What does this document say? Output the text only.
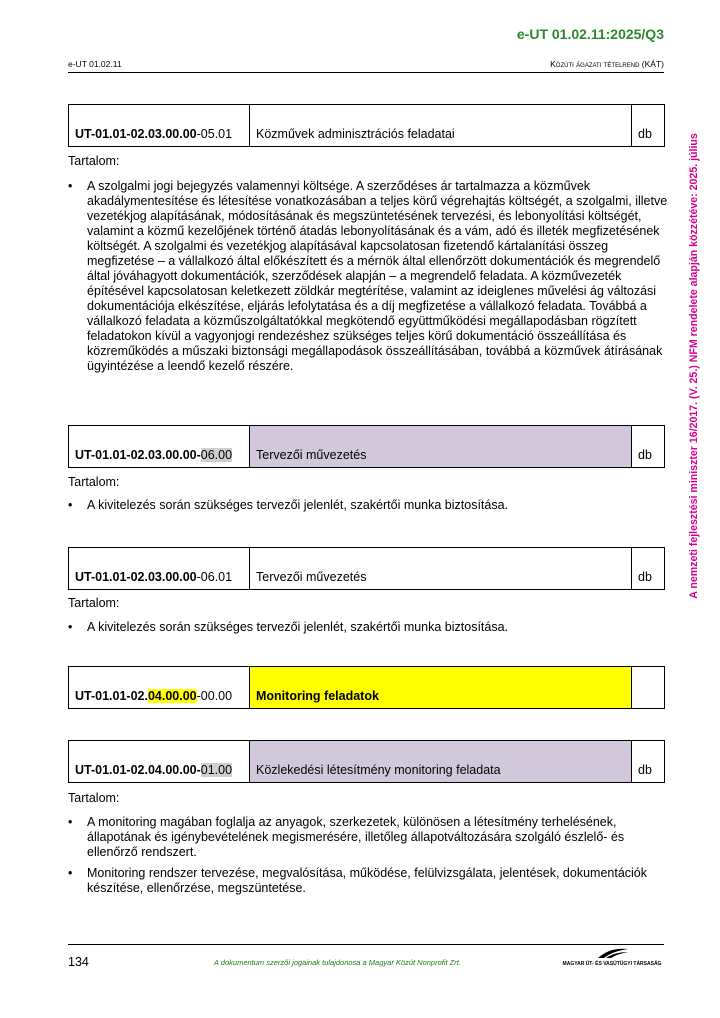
e-UT 01.02.11:2025/Q3
e-UT 01.02.11	Közúti ágazati tételrend (KÁT)
A nemzeti fejlesztési miniszter 16/2017. (V. 25.) NFM rendelete alapján közzétéve: 2025. július
UT-01.01-02.03.00.00-05.01	Közművek adminisztrációs feladatai	db
Tartalom:
• A szolgalmi jogi bejegyzés valamennyi költsége. A szerződéses ár tartalmazza a közművek akadálymentesítése és létesítése vonatkozásában a teljes körű végrehajtás költségét, a szolgalmi, illetve vezetékjog alapításának, módosításának és megszüntetésének tervezési, és lebonyolítási költségét, valamint a közmű kezelőjének történő átadás lebonyolításának és a vám, adó és illeték megfizetésének költségét. A szolgalmi és vezetékjog alapításával kapcsolatosan fizetendő kártalanítási összeg megfizetése – a vállalkozó által előkészített és a mérnök által ellenőrzött dokumentációk és megrendelő által jóváhagyott dokumentációk, szerződések alapján – a megrendelő feladata. A közművezeték építésével kapcsolatosan keletkezett zöldkár megtérítése, valamint az ideiglenes művelési ág változási dokumentációja elkészítése, eljárás lefolytatása és a díj megfizetése a vállalkozó feladata. Továbbá a vállalkozó feladata a közműszolgáltatókkal megkötendő együttműködési megállapodásban rögzített feladatokon kívül a vagyonjogi rendezéshez szükséges teljes körű dokumentáció összeállítása és közreműködés a műszaki biztonsági megállapodások összeállításában, továbbá a közművek átírásának ügyintézése a leendő kezelő részére.
UT-01.01-02.03.00.00-06.00	Tervezői művezetés	db
Tartalom:
• A kivitelezés során szükséges tervezői jelenlét, szakértői munka biztosítása.
UT-01.01-02.03.00.00-06.01	Tervezői művezetés	db
Tartalom:
• A kivitelezés során szükséges tervezői jelenlét, szakértői munka biztosítása.
UT-01.01-02.04.00.00-00.00	Monitoring feladatok	
UT-01.01-02.04.00.00-01.00	Közlekedési létesítmény monitoring feladata	db
Tartalom:
• A monitoring magában foglalja az anyagok, szerkezetek, különösen a létesítmény terhelésének, állapotának és igénybevételének megismerésére, illetőleg állapotváltozására szolgáló észlelő- és ellenőrző rendszert.
• Monitoring rendszer tervezése, megvalósítása, működése, felülvizsgálata, jelentések, dokumentációk készítése, ellenőrzése, megszüntetése.
134	A dokumentum szerzői jogainak tulajdonosa a Magyar Közút Nonprofit Zrt.	MAGYAR ÚT- ÉS VASÚTÜGYI TÁRSASÁG
